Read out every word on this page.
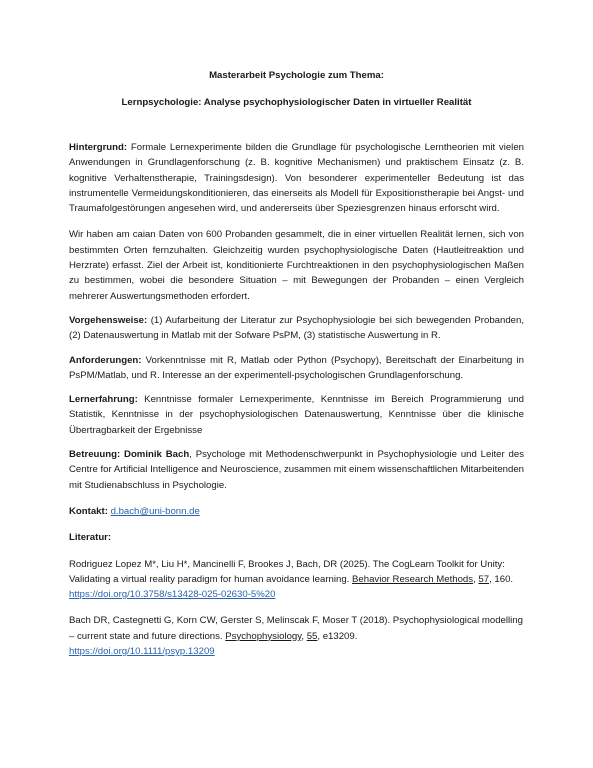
Masterarbeit Psychologie zum Thema:

Lernpsychologie: Analyse psychophysiologischer Daten in virtueller Realität

Hintergrund: Formale Lernexperimente bilden die Grundlage für psychologische Lerntheorien mit vielen Anwendungen in Grundlagenforschung (z. B. kognitive Mechanismen) und praktischem Einsatz (z. B. kognitive Verhaltenstherapie, Trainingsdesign). Von besonderer experimenteller Bedeutung ist das instrumentelle Vermeidungskonditionieren, das einerseits als Modell für Expositionstherapie bei Angst- und Traumafolgestörungen angesehen wird, und andererseits über Speziesgrenzen hinaus erforscht wird.

Wir haben am caian Daten von 600 Probanden gesammelt, die in einer virtuellen Realität lernen, sich von bestimmten Orten fernzuhalten. Gleichzeitig wurden psychophysiologische Daten (Hautleitreaktion und Herzrate) erfasst. Ziel der Arbeit ist, konditionierte Furchtreaktionen in den psychophysiologischen Maßen zu bestimmen, wobei die besondere Situation – mit Bewegungen der Probanden – einen Vergleich mehrerer Auswertungsmethoden erfordert.

Vorgehensweise: (1) Aufarbeitung der Literatur zur Psychophysiologie bei sich bewegenden Probanden, (2) Datenauswertung in Matlab mit der Sofware PsPM, (3) statistische Auswertung in R.

Anforderungen: Vorkenntnisse mit R, Matlab oder Python (Psychopy), Bereitschaft der Einarbeitung in PsPM/Matlab, und R. Interesse an der experimentell-psychologischen Grundlagenforschung.

Lernerfahrung: Kenntnisse formaler Lernexperimente, Kenntnisse im Bereich Programmierung und Statistik, Kenntnisse in der psychophysiologischen Datenauswertung, Kenntnisse über die klinische Übertragbarkeit der Ergebnisse

Betreuung: Dominik Bach, Psychologe mit Methodenschwerpunkt in Psychophysiologie und Leiter des Centre for Artificial Intelligence and Neuroscience, zusammen mit einem wissenschaftlichen Mitarbeitenden mit Studienabschluss in Psychologie.

Kontakt: d.bach@uni-bonn.de

Literatur:

Rodriguez Lopez M*, Liu H*, Mancinelli F, Brookes J, Bach, DR (2025). The CogLearn Toolkit for Unity: Validating a virtual reality paradigm for human avoidance learning. Behavior Research Methods, 57, 160.
https://doi.org/10.3758/s13428-025-02630-5%20

Bach DR, Castegnetti G, Korn CW, Gerster S, Melinscak F, Moser T (2018). Psychophysiological modelling – current state and future directions. Psychophysiology, 55, e13209.
https://doi.org/10.1111/psyp.13209
